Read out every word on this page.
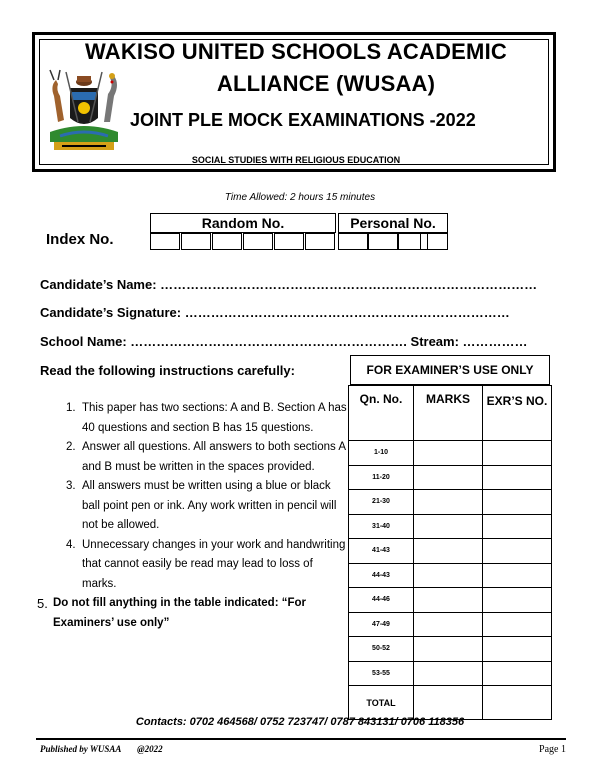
WAKISO UNITED SCHOOLS ACADEMIC
ALLIANCE (WUSAA)
JOINT PLE MOCK EXAMINATIONS -2022
SOCIAL STUDIES WITH RELIGIOUS EDUCATION
Time Allowed: 2 hours 15 minutes
Index No.
Random No.	Personal No.
Candidate’s Name: ……………………………………………………………………………
Candidate’s Signature: …………………………………………………………………
School Name: ………………………………………………………. Stream: ……………
Read the following instructions carefully:
1. This paper has two sections: A and B. Section A has 40 questions and section B has 15 questions.
2. Answer all questions. All answers to both sections A and B must be written in the spaces provided.
3. All answers must be written using a blue or black ball point pen or ink. Any work written in pencil will not be allowed.
4. Unnecessary changes in your work and handwriting that cannot easily be read may lead to loss of marks.
5. Do not fill anything in the table indicated: “For Examiners’ use only”
FOR EXAMINER’S USE ONLY
Qn. No.	MARKS	EXR’S NO.
1-10		
11-20		
21-30		
31-40		
41-43		
44-43		
44-46		
47-49		
50-52		
53-55		
TOTAL		
Contacts: 0702 464568/ 0752 723747/ 0787 843131/ 0706 118356
Published by WUSAA @2022	Page 1
